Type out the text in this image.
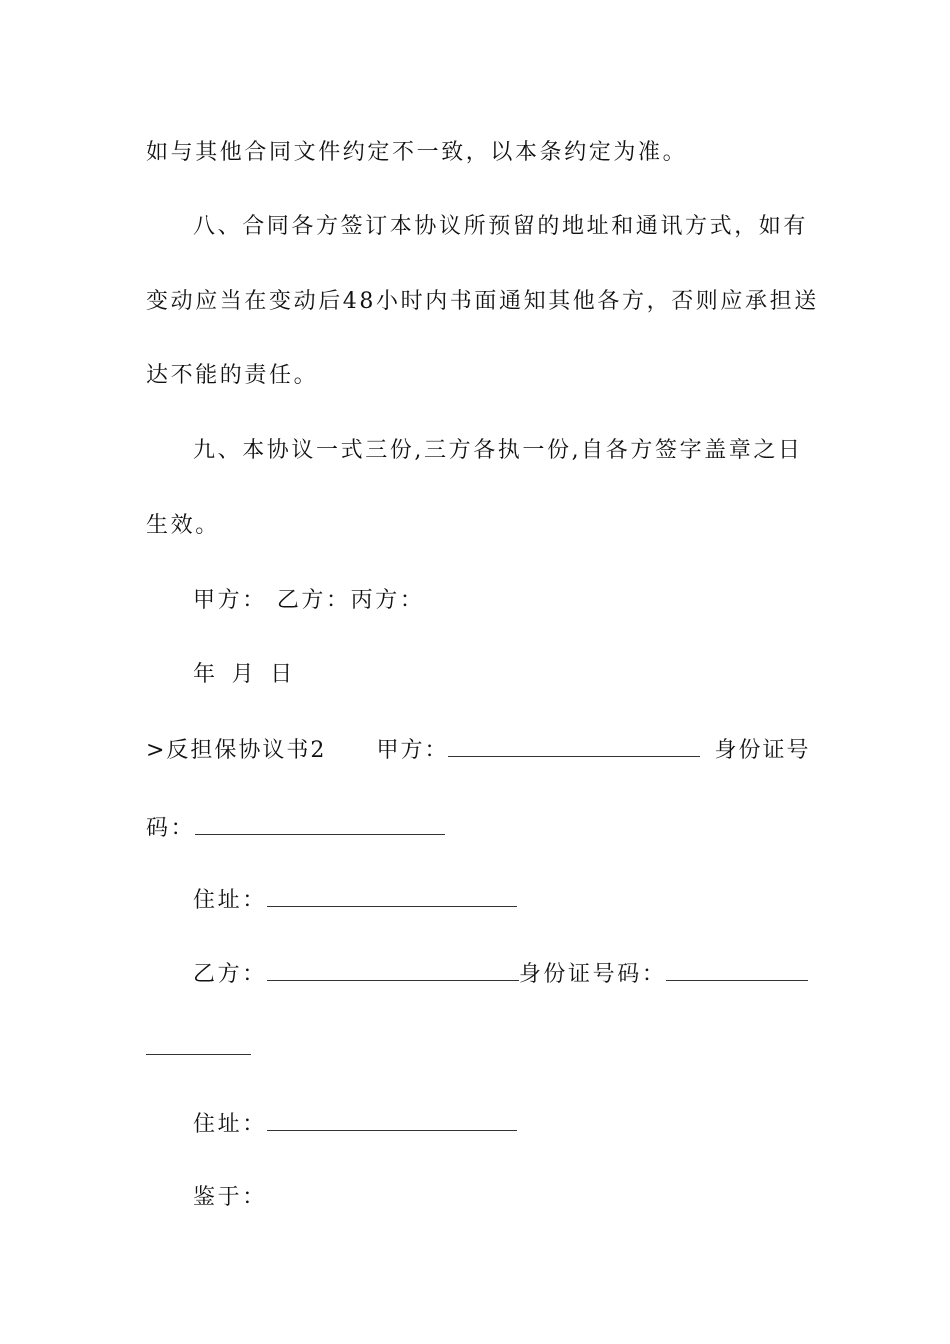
如与其他合同文件约定不一致，以本条约定为准。
八、合同各方签订本协议所预留的地址和通讯方式，如有
变动应当在变动后48小时内书面通知其他各方，否则应承担送
达不能的责任。
九、本协议一式三份,三方各执一份,自各方签字盖章之日
生效。
甲方： 乙方：丙方：
年 月 日
>反担保协议书2 甲方：	身份证号
码：
住址：
乙方：	身份证号码：
住址：
鉴于：
